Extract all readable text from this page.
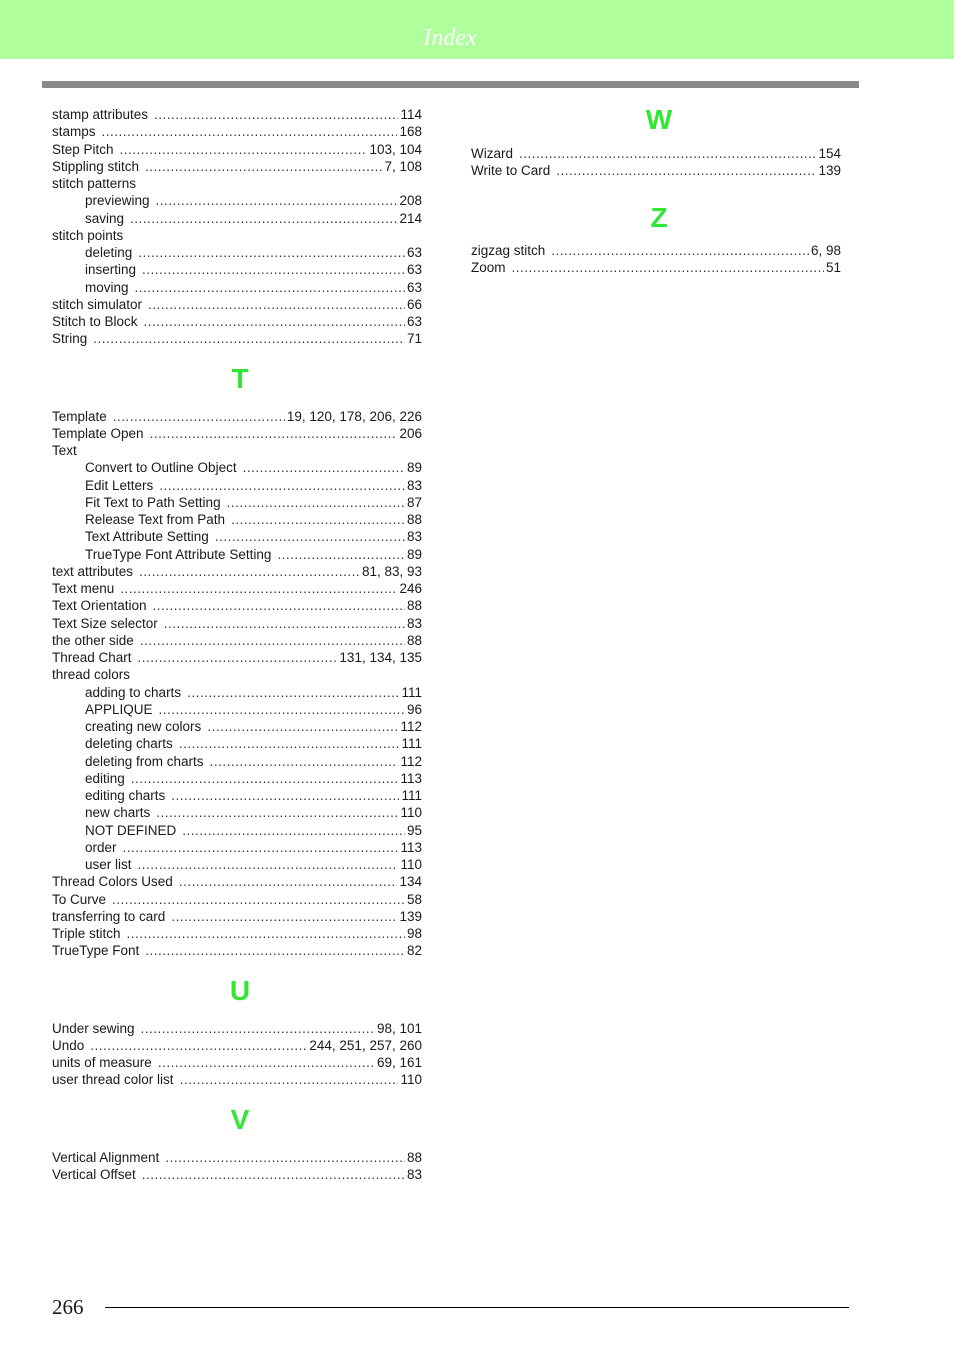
Index
stamp attributes .....	114
stamps .....	168
Step Pitch .....	103, 104
Stippling stitch .....	7, 108
stitch patterns
previewing .....	208
saving .....	214
stitch points
deleting .....	63
inserting .....	63
moving .....	63
stitch simulator .....	66
Stitch to Block .....	63
String .....	71
T
Template .....	19, 120, 178, 206, 226
Template Open .....	206
Text
Convert to Outline Object .....	89
Edit Letters .....	83
Fit Text to Path Setting .....	87
Release Text from Path .....	88
Text Attribute Setting .....	83
TrueType Font Attribute Setting .....	89
text attributes .....	81, 83, 93
Text menu .....	246
Text Orientation .....	88
Text Size selector .....	83
the other side .....	88
Thread Chart .....	131, 134, 135
thread colors
adding to charts .....	111
APPLIQUE .....	96
creating new colors .....	112
deleting charts .....	111
deleting from charts .....	112
editing .....	113
editing charts .....	111
new charts .....	110
NOT DEFINED .....	95
order .....	113
user list .....	110
Thread Colors Used .....	134
To Curve .....	58
transferring to card .....	139
Triple stitch .....	98
TrueType Font .....	82
U
Under sewing .....	98, 101
Undo .....	244, 251, 257, 260
units of measure .....	69, 161
user thread color list .....	110
V
Vertical Alignment .....	88
Vertical Offset .....	83
W
Wizard .....	154
Write to Card .....	139
Z
zigzag stitch .....	6, 98
Zoom .....	51
266
